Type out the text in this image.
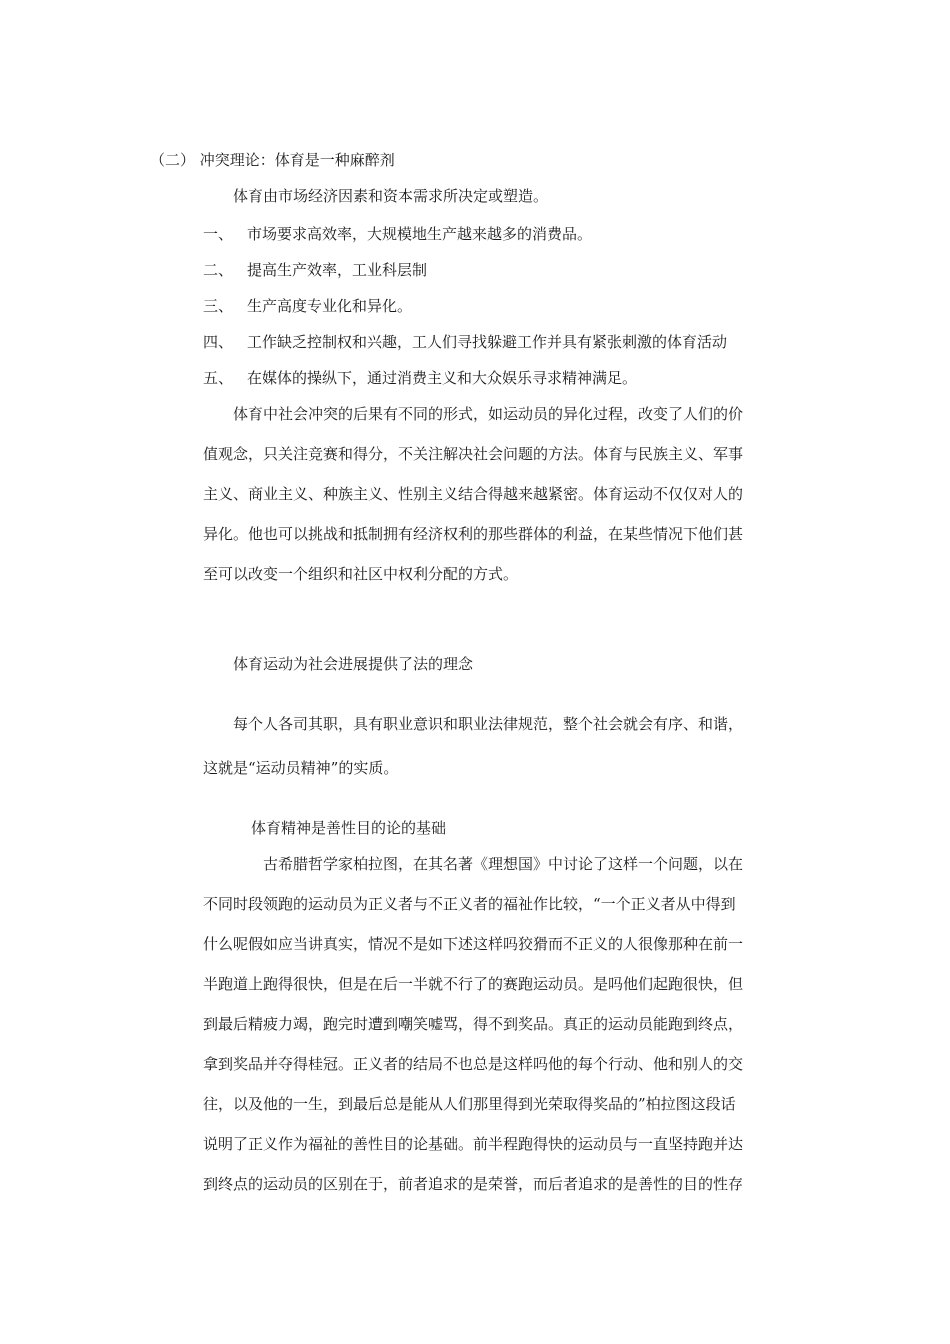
（二） 冲突理论：体育是一种麻醉剂
体育由市场经济因素和资本需求所决定或塑造。
一、 市场要求高效率，大规模地生产越来越多的消费品。
二、 提高生产效率，工业科层制
三、 生产高度专业化和异化。
四、 工作缺乏控制权和兴趣，工人们寻找躲避工作并具有紧张刺激的体育活动
五、 在媒体的操纵下，通过消费主义和大众娱乐寻求精神满足。
体育中社会冲突的后果有不同的形式，如运动员的异化过程，改变了人们的价
值观念，只关注竞赛和得分，不关注解决社会问题的方法。体育与民族主义、军事
主义、商业主义、种族主义、性别主义结合得越来越紧密。体育运动不仅仅对人的
异化。他也可以挑战和抵制拥有经济权利的那些群体的利益，在某些情况下他们甚
至可以改变一个组织和社区中权利分配的方式。
体育运动为社会进展提供了法的理念
每个人各司其职，具有职业意识和职业法律规范，整个社会就会有序、和谐，
这就是“运动员精神”的实质。
体育精神是善性目的论的基础
古希腊哲学家柏拉图，在其名著《理想国》中讨论了这样一个问题，以在
不同时段领跑的运动员为正义者与不正义者的福祉作比较，“一个正义者从中得到
什么呢假如应当讲真实，情况不是如下述这样吗狡猾而不正义的人很像那种在前一
半跑道上跑得很快，但是在后一半就不行了的赛跑运动员。是吗他们起跑很快，但
到最后精疲力竭，跑完时遭到嘲笑嘘骂，得不到奖品。真正的运动员能跑到终点，
拿到奖品并夺得桂冠。正义者的结局不也总是这样吗他的每个行动、他和别人的交
往，以及他的一生，到最后总是能从人们那里得到光荣取得奖品的”柏拉图这段话
说明了正义作为福祉的善性目的论基础。前半程跑得快的运动员与一直坚持跑并达
到终点的运动员的区别在于，前者追求的是荣誉，而后者追求的是善性的目的性存
